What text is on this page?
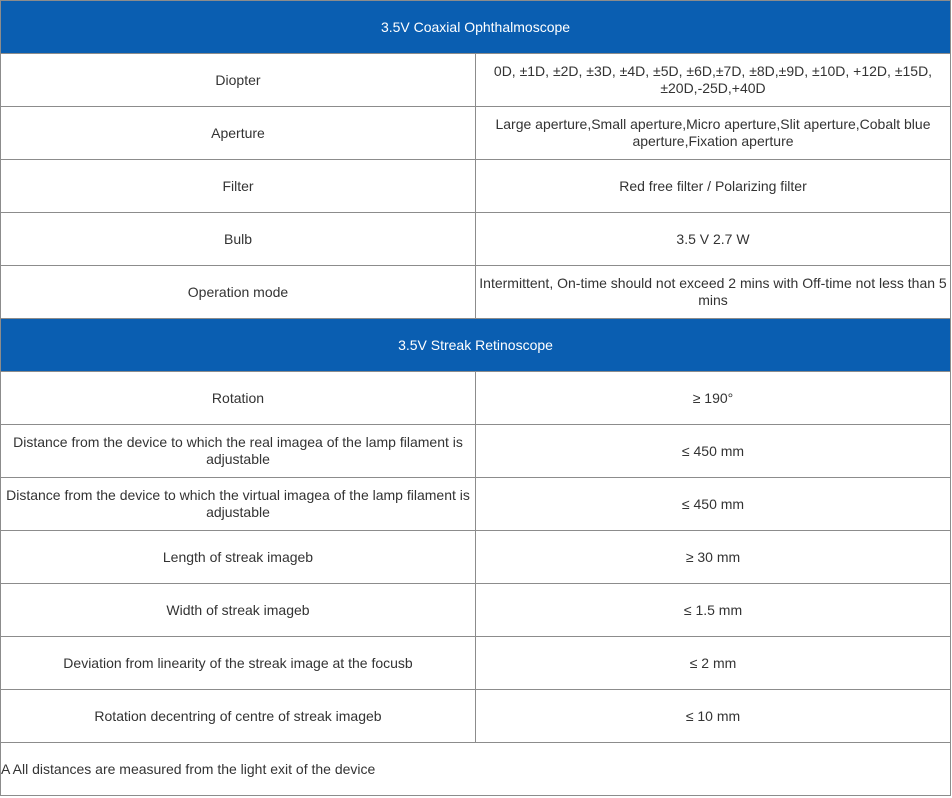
3.5V Coaxial Ophthalmoscope	
Diopter	0D, ±1D, ±2D, ±3D, ±4D, ±5D, ±6D,±7D, ±8D,±9D, ±10D, +12D, ±15D, ±20D,-25D,+40D
Aperture	Large aperture,Small aperture,Micro aperture,Slit aperture,Cobalt blue aperture,Fixation aperture
Filter	Red free filter / Polarizing filter
Bulb	3.5 V 2.7 W
Operation mode	Intermittent, On-time should not exceed 2 mins with Off-time not less than 5 mins
3.5V Streak Retinoscope	
Rotation	≥ 190°
Distance from the device to which the real imagea of the lamp filament is adjustable	≤ 450 mm
Distance from the device to which the virtual imagea of the lamp filament is adjustable	≤ 450 mm
Length of streak imageb	≥ 30 mm
Width of streak imageb	≤ 1.5 mm
Deviation from linearity of the streak image at the focusb	≤ 2 mm
Rotation decentring of centre of streak imageb	≤ 10 mm
A All distances are measured from the light exit of the device	
